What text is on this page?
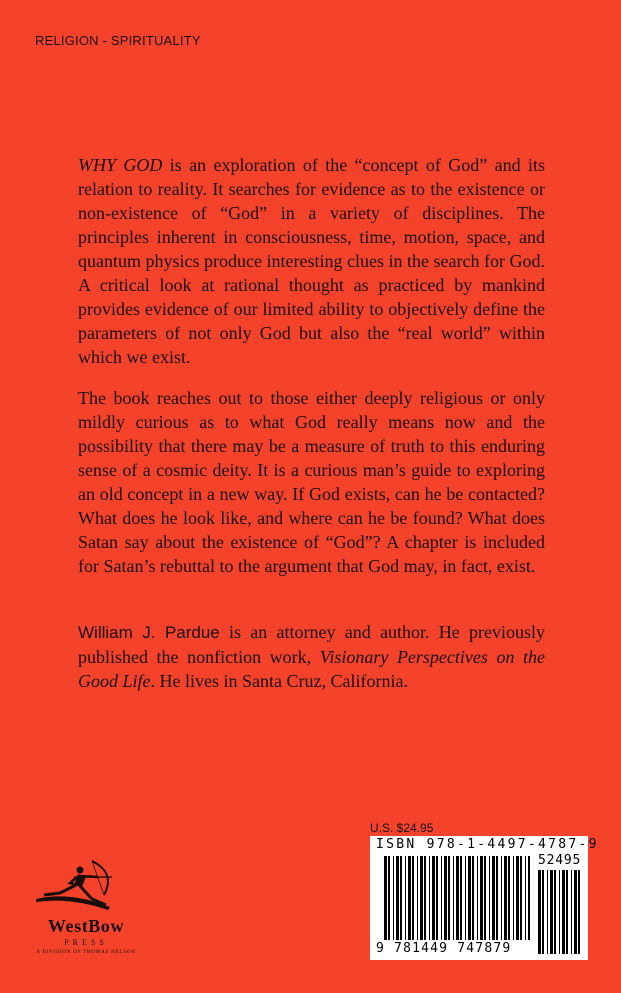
RELIGION - SPIRITUALITY

WHY GOD is an exploration of the “concept of God” and its relation to reality. It searches for evidence as to the existence or non-existence of “God” in a variety of disciplines. The principles inherent in consciousness, time, motion, space, and quantum physics produce interesting clues in the search for God. A critical look at rational thought as practiced by mankind provides evidence of our limited ability to objectively define the parameters of not only God but also the “real world” within which we exist.

The book reaches out to those either deeply religious or only mildly curious as to what God really means now and the possibility that there may be a measure of truth to this enduring sense of a cosmic deity. It is a curious man’s guide to exploring an old concept in a new way. If God exists, can he be contacted? What does he look like, and where can he be found? What does Satan say about the existence of “God”? A chapter is included for Satan’s rebuttal to the argument that God may, in fact, exist.

William J. Pardue is an attorney and author. He previously published the nonfiction work, Visionary Perspectives on the Good Life. He lives in Santa Cruz, California.

WestBow
PRESS
A DIVISION OF THOMAS NELSON
U.S. $24.95
ISBN 978-1-4497-4787-9
52495
9 781449 747879
